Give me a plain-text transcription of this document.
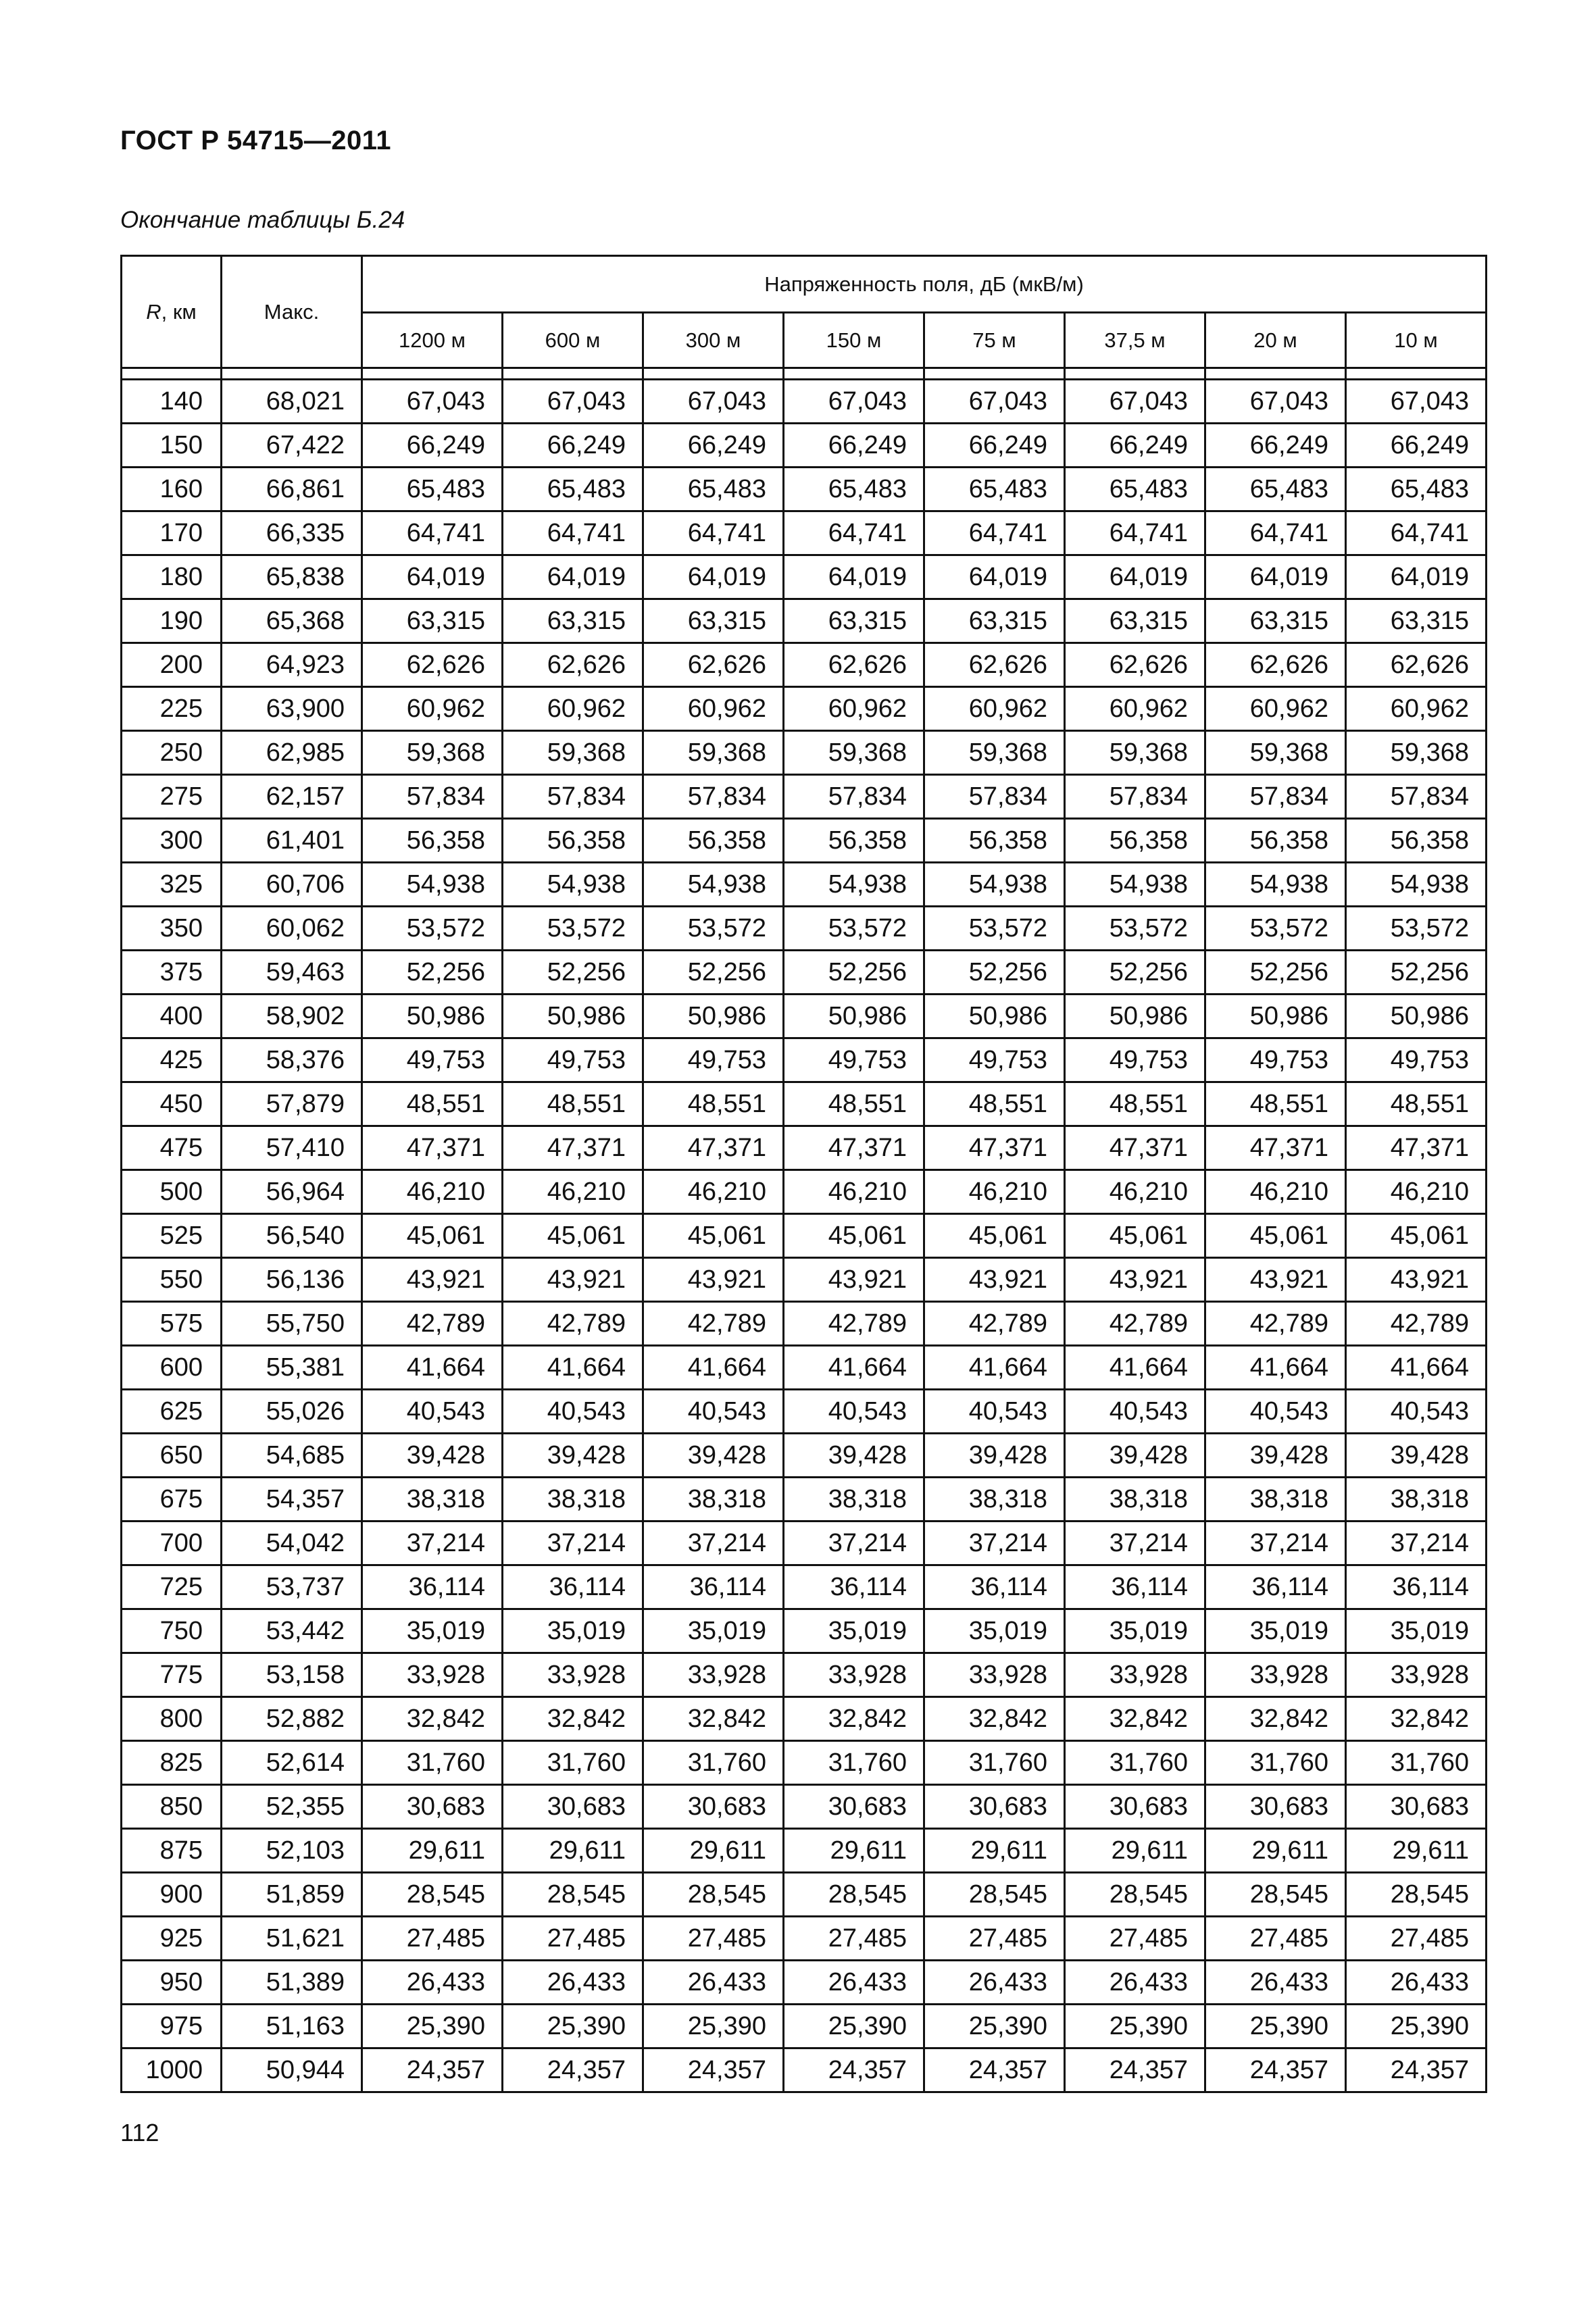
ГОСТ Р 54715—2011
Окончание таблицы Б.24
R, км	Макс.	Напряженность поля, дБ (мкВ/м)							
		1200 м	600 м	300 м	150 м	75 м	37,5 м	20 м	10 м

140	68,021	67,043	67,043	67,043	67,043	67,043	67,043	67,043	67,043
150	67,422	66,249	66,249	66,249	66,249	66,249	66,249	66,249	66,249
160	66,861	65,483	65,483	65,483	65,483	65,483	65,483	65,483	65,483
170	66,335	64,741	64,741	64,741	64,741	64,741	64,741	64,741	64,741
180	65,838	64,019	64,019	64,019	64,019	64,019	64,019	64,019	64,019
190	65,368	63,315	63,315	63,315	63,315	63,315	63,315	63,315	63,315
200	64,923	62,626	62,626	62,626	62,626	62,626	62,626	62,626	62,626
225	63,900	60,962	60,962	60,962	60,962	60,962	60,962	60,962	60,962
250	62,985	59,368	59,368	59,368	59,368	59,368	59,368	59,368	59,368
275	62,157	57,834	57,834	57,834	57,834	57,834	57,834	57,834	57,834
300	61,401	56,358	56,358	56,358	56,358	56,358	56,358	56,358	56,358
325	60,706	54,938	54,938	54,938	54,938	54,938	54,938	54,938	54,938
350	60,062	53,572	53,572	53,572	53,572	53,572	53,572	53,572	53,572
375	59,463	52,256	52,256	52,256	52,256	52,256	52,256	52,256	52,256
400	58,902	50,986	50,986	50,986	50,986	50,986	50,986	50,986	50,986
425	58,376	49,753	49,753	49,753	49,753	49,753	49,753	49,753	49,753
450	57,879	48,551	48,551	48,551	48,551	48,551	48,551	48,551	48,551
475	57,410	47,371	47,371	47,371	47,371	47,371	47,371	47,371	47,371
500	56,964	46,210	46,210	46,210	46,210	46,210	46,210	46,210	46,210
525	56,540	45,061	45,061	45,061	45,061	45,061	45,061	45,061	45,061
550	56,136	43,921	43,921	43,921	43,921	43,921	43,921	43,921	43,921
575	55,750	42,789	42,789	42,789	42,789	42,789	42,789	42,789	42,789
600	55,381	41,664	41,664	41,664	41,664	41,664	41,664	41,664	41,664
625	55,026	40,543	40,543	40,543	40,543	40,543	40,543	40,543	40,543
650	54,685	39,428	39,428	39,428	39,428	39,428	39,428	39,428	39,428
675	54,357	38,318	38,318	38,318	38,318	38,318	38,318	38,318	38,318
700	54,042	37,214	37,214	37,214	37,214	37,214	37,214	37,214	37,214
725	53,737	36,114	36,114	36,114	36,114	36,114	36,114	36,114	36,114
750	53,442	35,019	35,019	35,019	35,019	35,019	35,019	35,019	35,019
775	53,158	33,928	33,928	33,928	33,928	33,928	33,928	33,928	33,928
800	52,882	32,842	32,842	32,842	32,842	32,842	32,842	32,842	32,842
825	52,614	31,760	31,760	31,760	31,760	31,760	31,760	31,760	31,760
850	52,355	30,683	30,683	30,683	30,683	30,683	30,683	30,683	30,683
875	52,103	29,611	29,611	29,611	29,611	29,611	29,611	29,611	29,611
900	51,859	28,545	28,545	28,545	28,545	28,545	28,545	28,545	28,545
925	51,621	27,485	27,485	27,485	27,485	27,485	27,485	27,485	27,485
950	51,389	26,433	26,433	26,433	26,433	26,433	26,433	26,433	26,433
975	51,163	25,390	25,390	25,390	25,390	25,390	25,390	25,390	25,390
1000	50,944	24,357	24,357	24,357	24,357	24,357	24,357	24,357	24,357
112
